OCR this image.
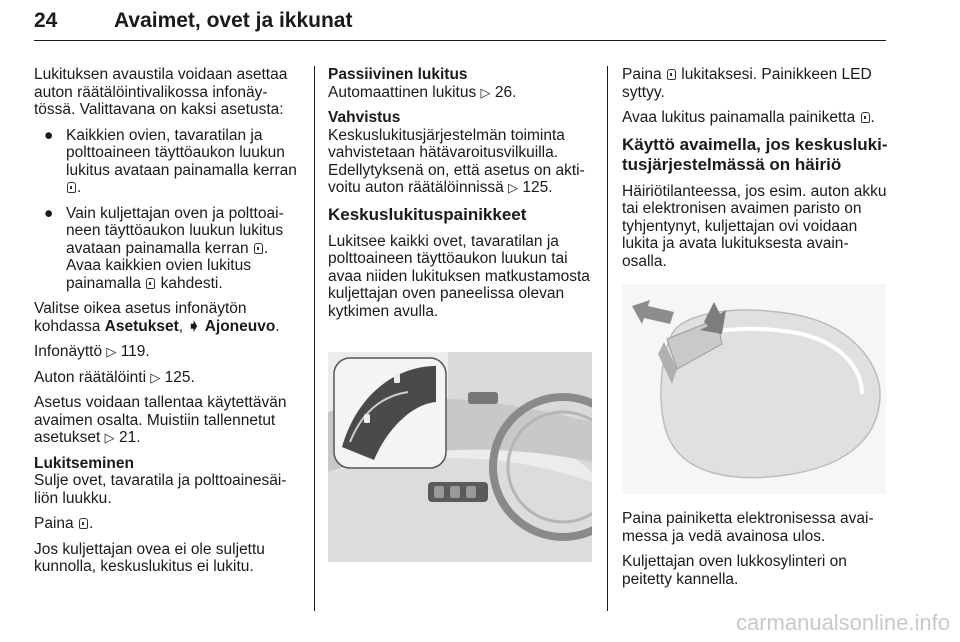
24	Avaimet, ovet ja ikkunat

Lukituksen avaustila voidaan asettaa auton räätälöintivalikossa infonäytössä. Valittavana on kaksi asetusta:

● Kaikkien ovien, tavaratilan ja polttoaineen täyttöaukon luukun lukitus avataan painamalla kerran .
● Vain kuljettajan oven ja polttoaineen täyttöaukon luukun lukitus avataan painamalla kerran . Avaa kaikkien ovien lukitus painamalla kahdesti.

Valitse oikea asetus infonäytön kohdassa Asetukset, ➧ Ajoneuvo.

Infonäyttö ▷ 119.

Auton räätälöinti ▷ 125.

Asetus voidaan tallentaa käytettävän avaimen osalta. Muistiin tallennetut asetukset ▷ 21.

Lukitseminen
Sulje ovet, tavaratila ja polttoainesäiliön luukku.

Paina .

Jos kuljettajan ovea ei ole suljettu kunnolla, keskuslukitus ei lukitu.

Passiivinen lukitus
Automaattinen lukitus ▷ 26.

Vahvistus
Keskuslukitusjärjestelmän toiminta vahvistetaan hätävaroitusvilkuilla. Edellytyksenä on, että asetus on aktivoitu auton räätälöinnissä ▷ 125.

Keskuslukituspainikkeet

Lukitsee kaikki ovet, tavaratilan ja polttoaineen täyttöaukon luukun tai avaa niiden lukituksen matkustamosta kuljettajan oven paneelissa olevan kytkimen avulla.

Paina lukitaksesi. Painikkeen LED syttyy.

Avaa lukitus painamalla painiketta .

Käyttö avaimella, jos keskuslukitusjärjestelmässä on häiriö

Häiriötilanteessa, jos esim. auton akku tai elektronisen avaimen paristo on tyhjentynyt, kuljettajan ovi voidaan lukita ja avata lukituksesta avainosalla.

Paina painiketta elektronisessa avaimessa ja vedä avainosa ulos.

Kuljettajan oven lukkosylinteri on peitetty kannella.

carmanualsonline.info
